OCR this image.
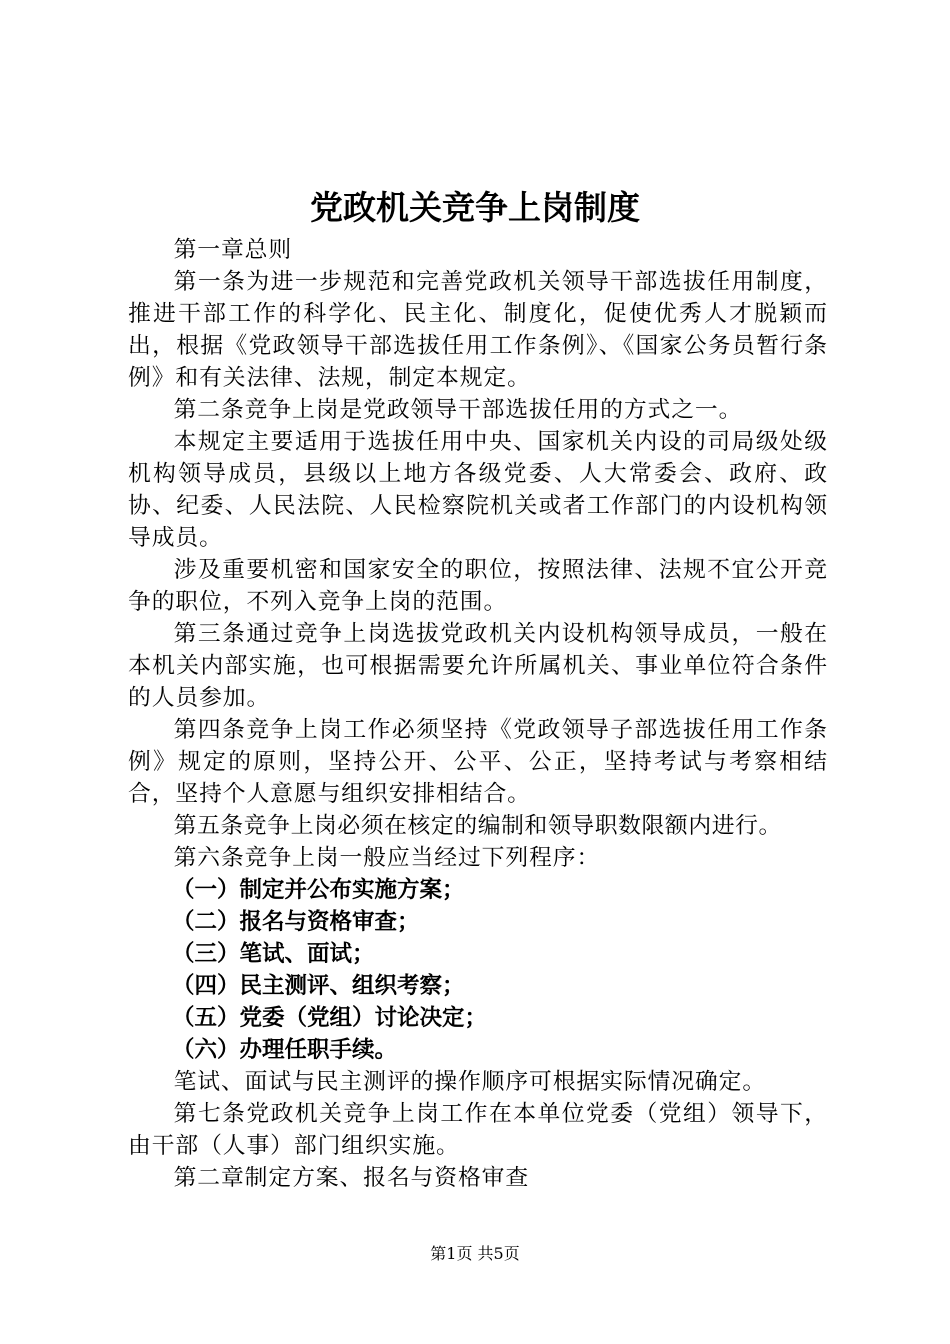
党政机关竞争上岗制度

第一章总则

第一条为进一步规范和完善党政机关领导干部选拔任用制度，推进干部工作的科学化、民主化、制度化，促使优秀人才脱颖而出，根据《党政领导干部选拔任用工作条例》、《国家公务员暂行条例》和有关法律、法规，制定本规定。

第二条竞争上岗是党政领导干部选拔任用的方式之一。

本规定主要适用于选拔任用中央、国家机关内设的司局级处级机构领导成员，县级以上地方各级党委、人大常委会、政府、政协、纪委、人民法院、人民检察院机关或者工作部门的内设机构领导成员。

涉及重要机密和国家安全的职位，按照法律、法规不宜公开竞争的职位，不列入竞争上岗的范围。

第三条通过竞争上岗选拔党政机关内设机构领导成员，一般在本机关内部实施，也可根据需要允许所属机关、事业单位符合条件的人员参加。

第四条竞争上岗工作必须坚持《党政领导子部选拔任用工作条例》规定的原则，坚持公开、公平、公正，坚持考试与考察相结合，坚持个人意愿与组织安排相结合。

第五条竞争上岗必须在核定的编制和领导职数限额内进行。

第六条竞争上岗一般应当经过下列程序：

（一）制定并公布实施方案；

（二）报名与资格审查；

（三）笔试、面试；

（四）民主测评、组织考察；

（五）党委（党组）讨论决定；

（六）办理任职手续。

笔试、面试与民主测评的操作顺序可根据实际情况确定。

第七条党政机关竞争上岗工作在本单位党委（党组）领导下，由干部（人事）部门组织实施。

第二章制定方案、报名与资格审查

第1页 共5页
